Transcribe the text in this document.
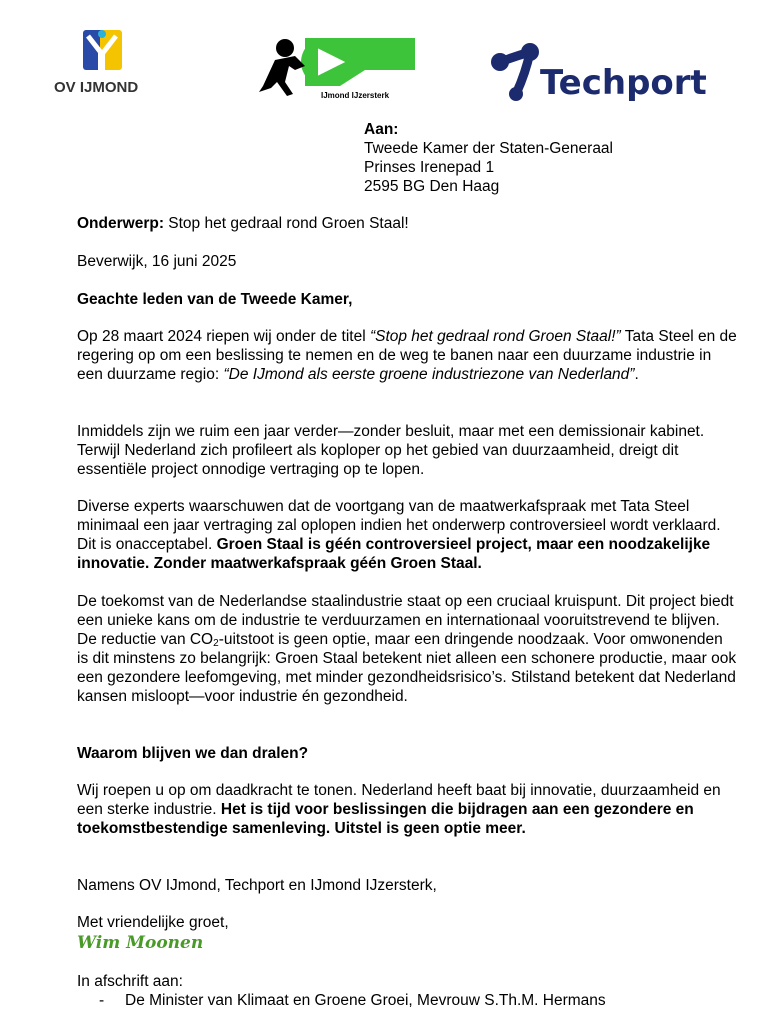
OV IJMOND	IJmond IJzersterk	Techport

Aan:

Tweede Kamer der Staten-Generaal

Prinses Irenepad 1

2595 BG Den Haag

Onderwerp: Stop het gedraal rond Groen Staal!
Beverwijk, 16 juni 2025
Geachte leden van de Tweede Kamer,
Op 28 maart 2024 riepen wij onder de titel “Stop het gedraal rond Groen Staal!” Tata Steel en de regering op om een beslissing te nemen en de weg te banen naar een duurzame industrie in een duurzame regio: “De IJmond als eerste groene industriezone van Nederland”.
Inmiddels zijn we ruim een jaar verder—zonder besluit, maar met een demissionair kabinet. Terwijl Nederland zich profileert als koploper op het gebied van duurzaamheid, dreigt dit essentiële project onnodige vertraging op te lopen.
Diverse experts waarschuwen dat de voortgang van de maatwerkafspraak met Tata Steel minimaal een jaar vertraging zal oplopen indien het onderwerp controversieel wordt verklaard. Dit is onacceptabel. Groen Staal is géén controversieel project, maar een noodzakelijke innovatie. Zonder maatwerkafspraak géén Groen Staal.
De toekomst van de Nederlandse staalindustrie staat op een cruciaal kruispunt. Dit project biedt een unieke kans om de industrie te verduurzamen en internationaal vooruitstrevend te blijven. De reductie van $CO_2$-uitstoot is geen optie, maar een dringende noodzaak. Voor omwonenden is dit minstens zo belangrijk: Groen Staal betekent niet alleen een schonere productie, maar ook een gezondere leefomgeving, met minder gezondheidsrisico’s. Stilstand betekent dat Nederland kansen misloopt—voor industrie én gezondheid.
Waarom blijven we dan dralen?
Wij roepen u op om daadkracht te tonen. Nederland heeft baat bij innovatie, duurzaamheid en een sterke industrie. Het is tijd voor beslissingen die bijdragen aan een gezondere en toekomstbestendige samenleving. Uitstel is geen optie meer.
Namens OV IJmond, Techport en IJmond IJzersterk,
Met vriendelijke groet,
Wim Moonen
In afschrift aan:
- De Minister van Klimaat en Groene Groei, Mevrouw S.Th.M. Hermans
